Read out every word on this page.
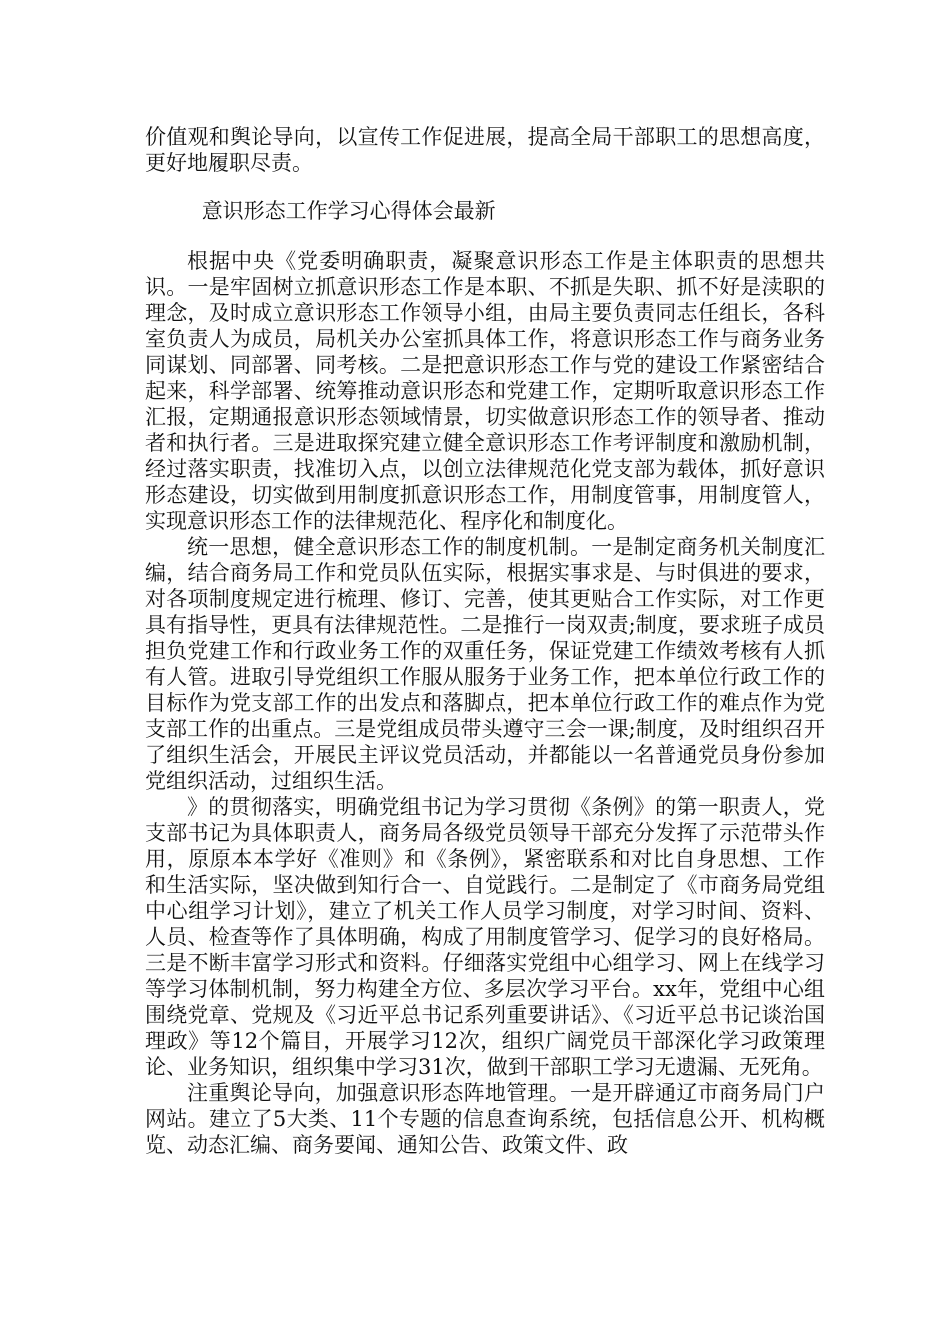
价值观和舆论导向，以宣传工作促进展，提高全局干部职工的思想高度，更好地履职尽责。

意识形态工作学习心得体会最新

根据中央《党委明确职责，凝聚意识形态工作是主体职责的思想共识。一是牢固树立抓意识形态工作是本职、不抓是失职、抓不好是渎职的理念，及时成立意识形态工作领导小组，由局主要负责同志任组长，各科室负责人为成员，局机关办公室抓具体工作，将意识形态工作与商务业务同谋划、同部署、同考核。二是把意识形态工作与党的建设工作紧密结合起来，科学部署、统筹推动意识形态和党建工作，定期听取意识形态工作汇报，定期通报意识形态领域情景，切实做意识形态工作的领导者、推动者和执行者。三是进取探究建立健全意识形态工作考评制度和激励机制，经过落实职责，找准切入点，以创立法律规范化党支部为载体，抓好意识形态建设，切实做到用制度抓意识形态工作，用制度管事，用制度管人，实现意识形态工作的法律规范化、程序化和制度化。

统一思想，健全意识形态工作的制度机制。一是制定商务机关制度汇编，结合商务局工作和党员队伍实际，根据实事求是、与时俱进的要求，对各项制度规定进行梳理、修订、完善，使其更贴合工作实际，对工作更具有指导性，更具有法律规范性。二是推行一岗双责;制度，要求班子成员担负党建工作和行政业务工作的双重任务，保证党建工作绩效考核有人抓有人管。进取引导党组织工作服从服务于业务工作，把本单位行政工作的目标作为党支部工作的出发点和落脚点，把本单位行政工作的难点作为党支部工作的出重点。三是党组成员带头遵守三会一课;制度，及时组织召开了组织生活会，开展民主评议党员活动，并都能以一名普通党员身份参加党组织活动，过组织生活。

》的贯彻落实，明确党组书记为学习贯彻《条例》的第一职责人，党支部书记为具体职责人，商务局各级党员领导干部充分发挥了示范带头作用，原原本本学好《准则》和《条例》，紧密联系和对比自身思想、工作和生活实际，坚决做到知行合一、自觉践行。二是制定了《市商务局党组中心组学习计划》，建立了机关工作人员学习制度，对学习时间、资料、人员、检查等作了具体明确，构成了用制度管学习、促学习的良好格局。三是不断丰富学习形式和资料。仔细落实党组中心组学习、网上在线学习等学习体制机制，努力构建全方位、多层次学习平台。xx年，党组中心组围绕党章、党规及《习近平总书记系列重要讲话》、《习近平总书记谈治国理政》等12个篇目，开展学习12次，组织广阔党员干部深化学习政策理论、业务知识，组织集中学习31次，做到干部职工学习无遗漏、无死角。

注重舆论导向，加强意识形态阵地管理。一是开辟通辽市商务局门户网站。建立了5大类、11个专题的信息查询系统，包括信息公开、机构概览、动态汇编、商务要闻、通知公告、政策文件、政
